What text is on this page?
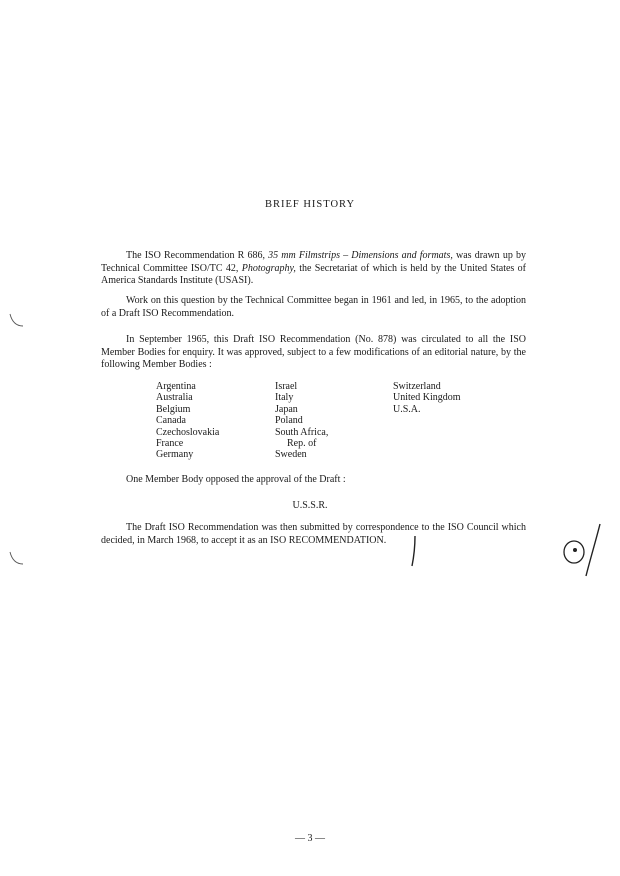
BRIEF HISTORY
The ISO Recommendation R 686, 35 mm Filmstrips – Dimensions and formats, was drawn up by Technical Committee ISO/TC 42, Photography, the Secretariat of which is held by the United States of America Standards Institute (USASI).
Work on this question by the Technical Committee began in 1961 and led, in 1965, to the adoption of a Draft ISO Recommendation.
In September 1965, this Draft ISO Recommendation (No. 878) was circulated to all the ISO Member Bodies for enquiry. It was approved, subject to a few modifications of an editorial nature, by the following Member Bodies :
Argentina
Australia
Belgium
Canada
Czechoslovakia
France
Germany
Israel
Italy
Japan
Poland
South Africa,
Rep. of
Sweden
Switzerland
United Kingdom
U.S.A.
One Member Body opposed the approval of the Draft :
U.S.S.R.
The Draft ISO Recommendation was then submitted by correspondence to the ISO Council which decided, in March 1968, to accept it as an ISO RECOMMENDATION.
— 3 —
